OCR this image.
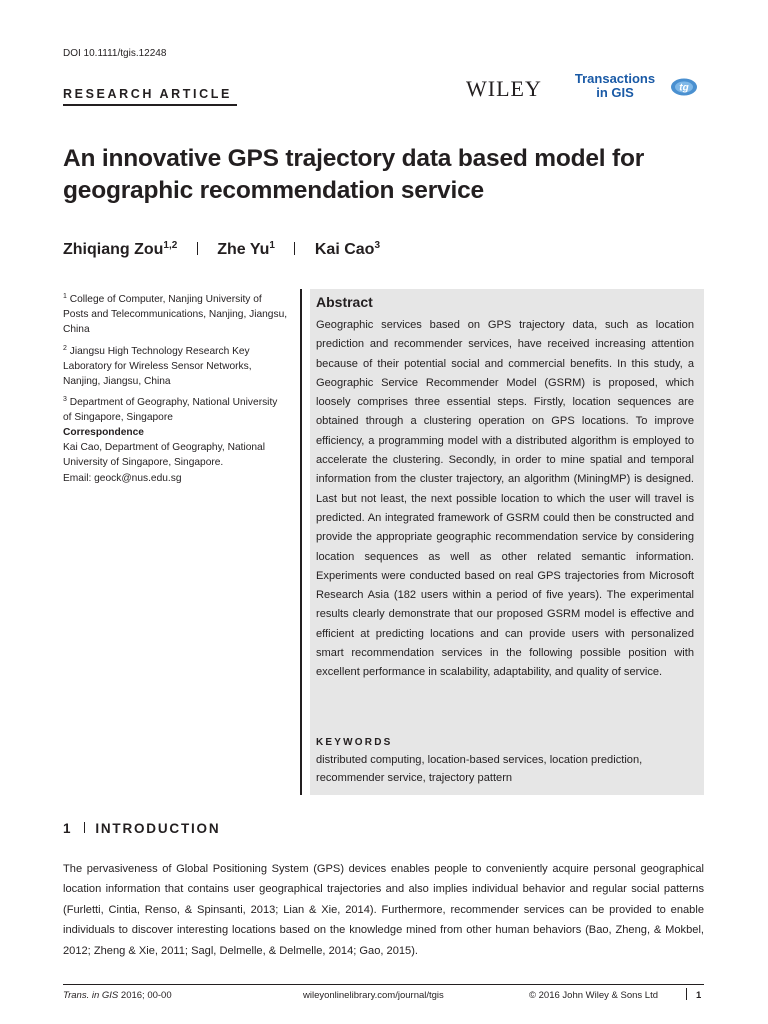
DOI 10.1111/tgis.12248
RESEARCH ARTICLE	WILEY	Transactions
in GIS	tg
An innovative GPS trajectory data based model for geographic recommendation service
Zhiqiang Zou$^{1,2}$ Zhe Yu$^1$ Kai Cao$^3$

$^1$ College of Computer, Nanjing University of Posts and Telecommunications, Nanjing, Jiangsu, China

$^2$ Jiangsu High Technology Research Key Laboratory for Wireless Sensor Networks, Nanjing, Jiangsu, China

$^3$ Department of Geography, National University of Singapore, Singapore

Correspondence
Kai Cao, Department of Geography, National University of Singapore, Singapore.
Email: geock@nus.edu.sg
Abstract
Geographic services based on GPS trajectory data, such as location prediction and recommender services, have received increasing attention because of their potential social and commercial benefits. In this study, a Geographic Service Recommender Model (GSRM) is proposed, which loosely comprises three essential steps. Firstly, location sequences are obtained through a clustering operation on GPS locations. To improve efficiency, a programming model with a distributed algorithm is employed to accelerate the clustering. Secondly, in order to mine spatial and temporal information from the cluster trajectory, an algorithm (MiningMP) is designed. Last but not least, the next possible location to which the user will travel is predicted. An integrated framework of GSRM could then be constructed and provide the appropriate geographic recommendation service by considering location sequences as well as other related semantic information. Experiments were conducted based on real GPS trajectories from Microsoft Research Asia (182 users within a period of five years). The experimental results clearly demonstrate that our proposed GSRM model is effective and efficient at predicting locations and can provide users with personalized smart recommendation services in the following possible position with excellent performance in scalability, adaptability, and quality of service.
KEYWORDS
distributed computing, location-based services, location prediction, recommender service, trajectory pattern
1 INTRODUCTION
The pervasiveness of Global Positioning System (GPS) devices enables people to conveniently acquire personal geographical location information that contains user geographical trajectories and also implies individual behavior and regular social patterns (Furletti, Cintia, Renso, & Spinsanti, 2013; Lian & Xie, 2014). Furthermore, recommender services can be provided to enable individuals to discover interesting locations based on the knowledge mined from other human behaviors (Bao, Zheng, & Mokbel, 2012; Zheng & Xie, 2011; Sagl, Delmelle, & Delmelle, 2014; Gao, 2015).
Trans. in GIS 2016; 00-00	wileyonlinelibrary.com/journal/tgis	© 2016 John Wiley & Sons Ltd	1
